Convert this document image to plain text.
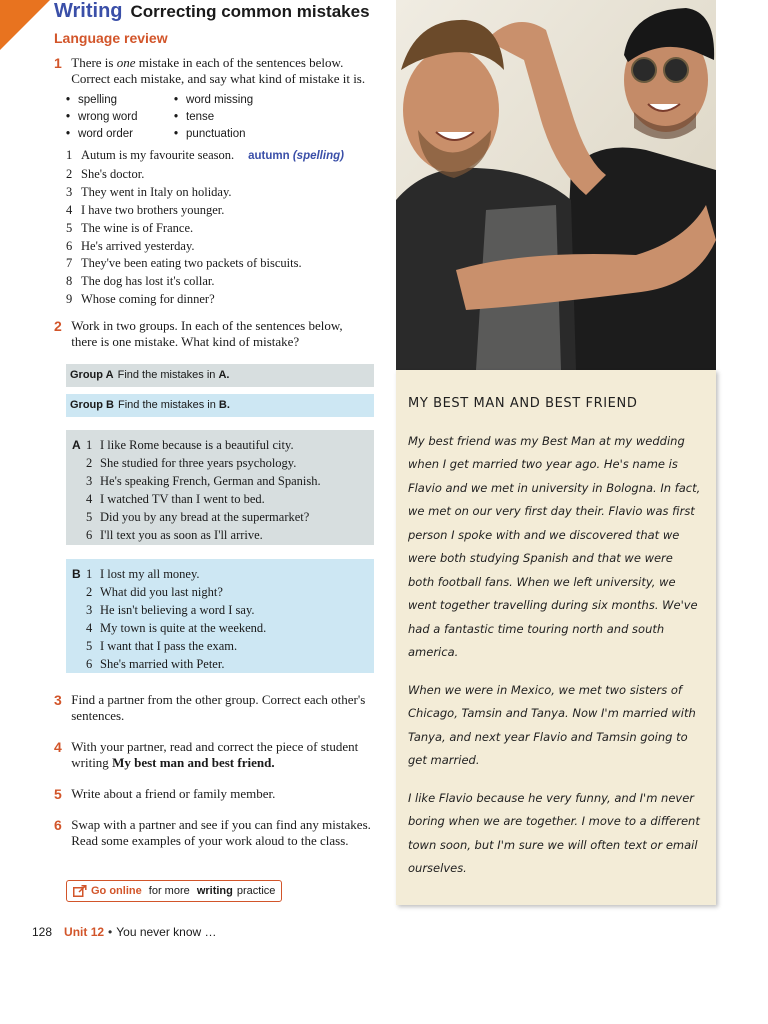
Writing Correcting common mistakes
Language review
1 There is one mistake in each of the sentences below.
Correct each mistake, and say what kind of mistake it is.
• spelling
• wrong word
• word order
• word missing
• tense
• punctuation
1 Autum is my favourite season. autumn (spelling)
2 She's doctor.
3 They went in Italy on holiday.
4 I have two brothers younger.
5 The wine is of France.
6 He's arrived yesterday.
7 They've been eating two packets of biscuits.
8 The dog has lost it's collar.
9 Whose coming for dinner?
2 Work in two groups. In each of the sentences below,
there is one mistake. What kind of mistake?
Group A Find the mistakes in A.
Group B Find the mistakes in B.
A 1 I like Rome because is a beautiful city.
2 She studied for three years psychology.
3 He's speaking French, German and Spanish.
4 I watched TV than I went to bed.
5 Did you by any bread at the supermarket?
6 I'll text you as soon as I'll arrive.
B 1 I lost my all money.
2 What did you last night?
3 He isn't believing a word I say.
4 My town is quite at the weekend.
5 I want that I pass the exam.
6 She's married with Peter.
3 Find a partner from the other group. Correct each other's
sentences.
4 With your partner, read and correct the piece of student
writing My best man and best friend.
5 Write about a friend or family member.
6 Swap with a partner and see if you can find any mistakes.
Read some examples of your work aloud to the class.
Go online for more writing practice
128 Unit 12 • You never know …
MY BEST MAN AND BEST FRIEND

My best friend was my Best Man at my wedding when I get married two year ago. He's name is Flavio and we met in university in Bologna. In fact, we met on our very first day their. Flavio was first person I spoke with and we discovered that we were both studying Spanish and that we were both football fans. When we left university, we went together travelling during six months. We've had a fantastic time touring north and south america.

When we were in Mexico, we met two sisters of Chicago, Tamsin and Tanya. Now I'm married with Tanya, and next year Flavio and Tamsin going to get married.

I like Flavio because he very funny, and I'm never boring when we are together. I move to a different town soon, but I'm sure we will often text or email ourselves.
